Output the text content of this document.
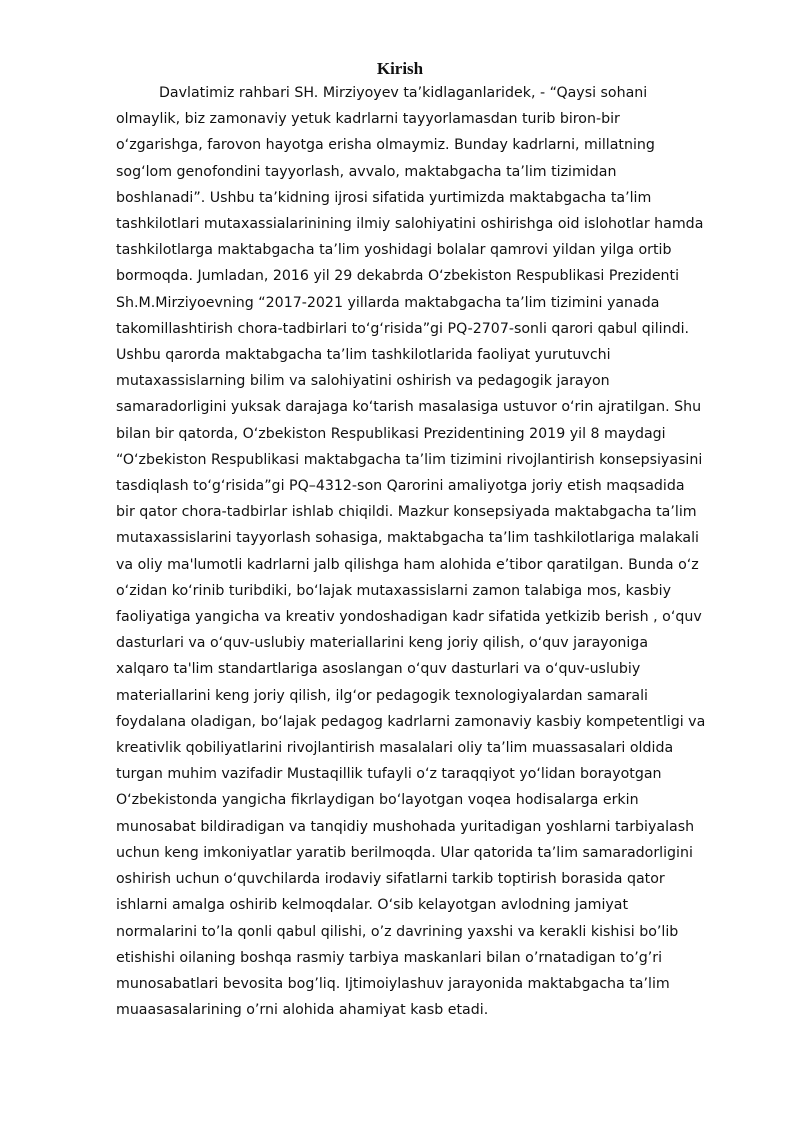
Kirish
Davlatimiz rahbari SH. Mirziyoyev ta’kidlaganlaridek, - “Qaysi sohani
olmaylik, biz zamonaviy yetuk kadrlarni tayyorlamasdan turib biron-bir
o‘zgarishga, farovon hayotga erisha olmaymiz. Bunday kadrlarni, millatning
sog‘lom genofondini tayyorlash, avvalo, maktabgacha ta’lim tizimidan
boshlanadi”. Ushbu ta’kidning ijrosi sifatida yurtimizda maktabgacha ta’lim
tashkilotlari mutaxassialarinining ilmiy salohiyatini oshirishga oid islohotlar hamda
tashkilotlarga maktabgacha ta’lim yoshidagi bolalar qamrovi yildan yilga ortib
bormoqda. Jumladan, 2016 yil 29 dekabrda O‘zbekiston Respublikasi Prezidenti
Sh.M.Mirziyoevning “2017-2021 yillarda maktabgacha ta’lim tizimini yanada
takomillashtirish chora-tadbirlari to‘g‘risida”gi PQ-2707-sonli qarori qabul qilindi.
Ushbu qarorda maktabgacha ta’lim tashkilotlarida faoliyat yurutuvchi
mutaxassislarning bilim va salohiyatini oshirish va pedagogik jarayon
samaradorligini yuksak darajaga ko‘tarish masalasiga ustuvor o‘rin ajratilgan. Shu
bilan bir qatorda, O‘zbekiston Respublikasi Prezidentining 2019 yil 8 maydagi
“O‘zbekiston Respublikasi maktabgacha ta’lim tizimini rivojlantirish konsepsiyasini
tasdiqlash to‘g‘risida”gi PQ–4312-son Qarorini amaliyotga joriy etish maqsadida
bir qator chora-tadbirlar ishlab chiqildi. Mazkur konsepsiyada maktabgacha ta’lim
mutaxassislarini tayyorlash sohasiga, maktabgacha ta’lim tashkilotlariga malakali
va oliy ma'lumotli kadrlarni jalb qilishga ham alohida e’tibor qaratilgan. Bunda o‘z
o‘zidan ko‘rinib turibdiki, bo‘lajak mutaxassislarni zamon talabiga mos, kasbiy
faoliyatiga yangicha va kreativ yondoshadigan kadr sifatida yetkizib berish , o‘quv
dasturlari va o‘quv-uslubiy materiallarini keng joriy qilish, o‘quv jarayoniga
xalqaro ta'lim standartlariga asoslangan o‘quv dasturlari va o‘quv-uslubiy
materiallarini keng joriy qilish, ilg‘or pedagogik texnologiyalardan samarali
foydalana oladigan, bo‘lajak pedagog kadrlarni zamonaviy kasbiy kompetentligi va
kreativlik qobiliyatlarini rivojlantirish masalalari oliy ta’lim muassasalari oldida
turgan muhim vazifadir Mustaqillik tufayli o‘z taraqqiyot yo‘lidan borayotgan
O‘zbekistonda yangicha fikrlaydigan bo‘layotgan voqea hodisalarga erkin
munosabat bildiradigan va tanqidiy mushohada yuritadigan yoshlarni tarbiyalash
uchun keng imkoniyatlar yaratib berilmoqda. Ular qatorida ta’lim samaradorligini
oshirish uchun o‘quvchilarda irodaviy sifatlarni tarkib toptirish borasida qator
ishlarni amalga oshirib kelmoqdalar. O‘sib kelayotgan avlodning jamiyat
normalarini to’la qonli qabul qilishi, o’z davrining yaxshi va kerakli kishisi bo’lib
etishishi oilaning boshqa rasmiy tarbiya maskanlari bilan o’rnatadigan to’g’ri
munosabatlari bevosita bog’liq. Ijtimoiylashuv jarayonida maktabgacha ta’lim
muaasasalarining o’rni alohida ahamiyat kasb etadi.
